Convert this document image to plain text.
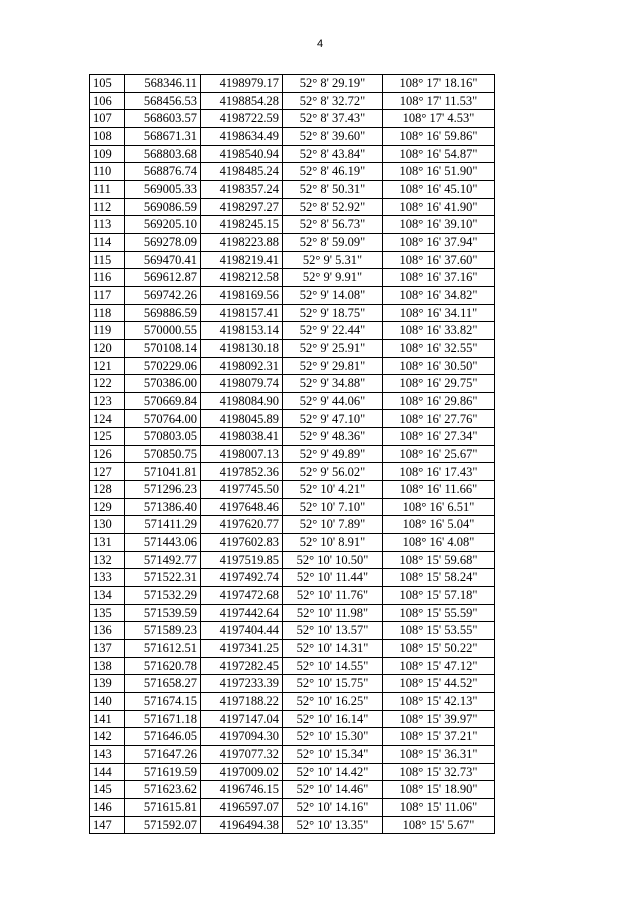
4
105	568346.11	4198979.17	52° 8' 29.19"	108° 17' 18.16"
106	568456.53	4198854.28	52° 8' 32.72"	108° 17' 11.53"
107	568603.57	4198722.59	52° 8' 37.43"	108° 17' 4.53"
108	568671.31	4198634.49	52° 8' 39.60"	108° 16' 59.86"
109	568803.68	4198540.94	52° 8' 43.84"	108° 16' 54.87"
110	568876.74	4198485.24	52° 8' 46.19"	108° 16' 51.90"
111	569005.33	4198357.24	52° 8' 50.31"	108° 16' 45.10"
112	569086.59	4198297.27	52° 8' 52.92"	108° 16' 41.90"
113	569205.10	4198245.15	52° 8' 56.73"	108° 16' 39.10"
114	569278.09	4198223.88	52° 8' 59.09"	108° 16' 37.94"
115	569470.41	4198219.41	52° 9' 5.31"	108° 16' 37.60"
116	569612.87	4198212.58	52° 9' 9.91"	108° 16' 37.16"
117	569742.26	4198169.56	52° 9' 14.08"	108° 16' 34.82"
118	569886.59	4198157.41	52° 9' 18.75"	108° 16' 34.11"
119	570000.55	4198153.14	52° 9' 22.44"	108° 16' 33.82"
120	570108.14	4198130.18	52° 9' 25.91"	108° 16' 32.55"
121	570229.06	4198092.31	52° 9' 29.81"	108° 16' 30.50"
122	570386.00	4198079.74	52° 9' 34.88"	108° 16' 29.75"
123	570669.84	4198084.90	52° 9' 44.06"	108° 16' 29.86"
124	570764.00	4198045.89	52° 9' 47.10"	108° 16' 27.76"
125	570803.05	4198038.41	52° 9' 48.36"	108° 16' 27.34"
126	570850.75	4198007.13	52° 9' 49.89"	108° 16' 25.67"
127	571041.81	4197852.36	52° 9' 56.02"	108° 16' 17.43"
128	571296.23	4197745.50	52° 10' 4.21"	108° 16' 11.66"
129	571386.40	4197648.46	52° 10' 7.10"	108° 16' 6.51"
130	571411.29	4197620.77	52° 10' 7.89"	108° 16' 5.04"
131	571443.06	4197602.83	52° 10' 8.91"	108° 16' 4.08"
132	571492.77	4197519.85	52° 10' 10.50"	108° 15' 59.68"
133	571522.31	4197492.74	52° 10' 11.44"	108° 15' 58.24"
134	571532.29	4197472.68	52° 10' 11.76"	108° 15' 57.18"
135	571539.59	4197442.64	52° 10' 11.98"	108° 15' 55.59"
136	571589.23	4197404.44	52° 10' 13.57"	108° 15' 53.55"
137	571612.51	4197341.25	52° 10' 14.31"	108° 15' 50.22"
138	571620.78	4197282.45	52° 10' 14.55"	108° 15' 47.12"
139	571658.27	4197233.39	52° 10' 15.75"	108° 15' 44.52"
140	571674.15	4197188.22	52° 10' 16.25"	108° 15' 42.13"
141	571671.18	4197147.04	52° 10' 16.14"	108° 15' 39.97"
142	571646.05	4197094.30	52° 10' 15.30"	108° 15' 37.21"
143	571647.26	4197077.32	52° 10' 15.34"	108° 15' 36.31"
144	571619.59	4197009.02	52° 10' 14.42"	108° 15' 32.73"
145	571623.62	4196746.15	52° 10' 14.46"	108° 15' 18.90"
146	571615.81	4196597.07	52° 10' 14.16"	108° 15' 11.06"
147	571592.07	4196494.38	52° 10' 13.35"	108° 15' 5.67"
